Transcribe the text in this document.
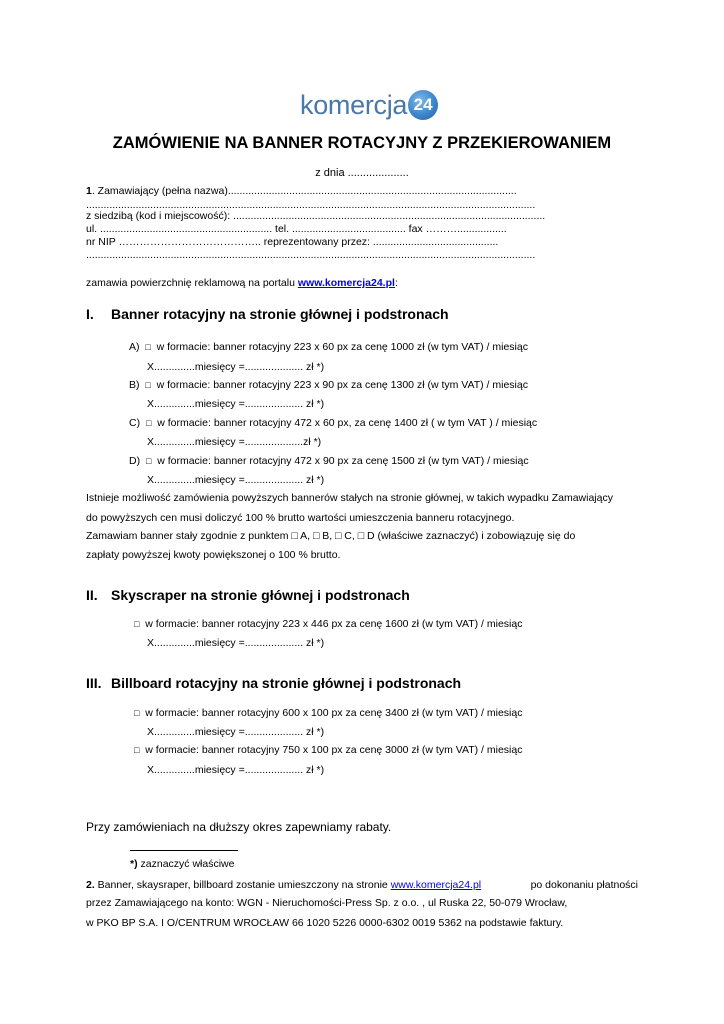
komercja 24
ZAMÓWIENIE NA BANNER ROTACYJNY Z PRZEKIEROWANIEM
z dnia ....................
1. Zamawiający (pełna nazwa)...................................................................................................
..........................................................................................................................................................
z siedzibą (kod i miejscowość): ...........................................................................................................
ul. ........................................................... tel. ....................................... fax ……….................
nr NIP ………………………………….. reprezentowany przez: ...........................................
..........................................................................................................................................................
zamawia powierzchnię reklamową na portalu www.komercja24.pl:
I. Banner rotacyjny na stronie głównej i podstronach
A) □ w formacie: banner rotacyjny 223 x 60 px za cenę 1000 zł (w tym VAT) / miesiąc
X..............miesięcy =.................... zł *)
B) □ w formacie: banner rotacyjny 223 x 90 px za cenę 1300 zł (w tym VAT) / miesiąc
X..............miesięcy =.................... zł *)
C) □ w formacie: banner rotacyjny 472 x 60 px, za cenę 1400 zł ( w tym VAT ) / miesiąc
X..............miesięcy =....................zł *)
D) □ w formacie: banner rotacyjny 472 x 90 px za cenę 1500 zł (w tym VAT) / miesiąc
X..............miesięcy =.................... zł *)
Istnieje możliwość zamówienia powyższych bannerów stałych na stronie głównej, w takich wypadku Zamawiający
do powyższych cen musi doliczyć 100 % brutto wartości umieszczenia banneru rotacyjnego.
Zamawiam banner stały zgodnie z punktem □ A, □ B, □ C, □ D (właściwe zaznaczyć) i zobowiązuję się do
zapłaty powyższej kwoty powiększonej o 100 % brutto.
II. Skyscraper na stronie głównej i podstronach
□ w formacie: banner rotacyjny 223 x 446 px za cenę 1600 zł (w tym VAT) / miesiąc
X..............miesięcy =.................... zł *)
III. Billboard rotacyjny na stronie głównej i podstronach
□ w formacie: banner rotacyjny 600 x 100 px za cenę 3400 zł (w tym VAT) / miesiąc
X..............miesięcy =.................... zł *)
□ w formacie: banner rotacyjny 750 x 100 px za cenę 3000 zł (w tym VAT) / miesiąc
X..............miesięcy =.................... zł *)
Przy zamówieniach na dłuższy okres zapewniamy rabaty.
*) zaznaczyć właściwe
2. Banner, skaysraper, billboard zostanie umieszczony na stronie www.komercja24.pl	po dokonaniu płatności
przez Zamawiającego na konto: WGN - Nieruchomości-Press Sp. z o.o. , ul Ruska 22, 50-079 Wrocław,
w PKO BP S.A. I O/CENTRUM WROCŁAW 66 1020 5226 0000-6302 0019 5362 na podstawie faktury.
